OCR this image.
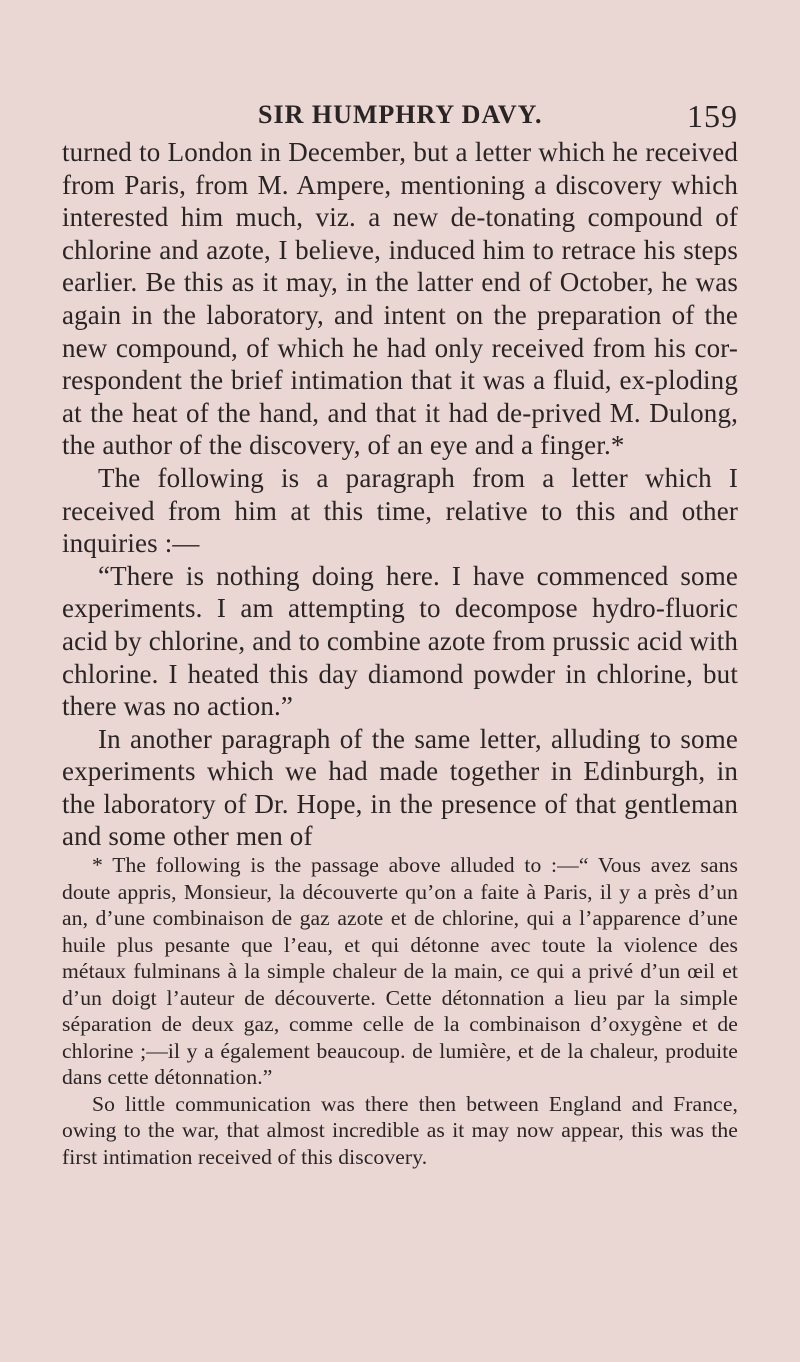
SIR HUMPHRY DAVY.	159

turned to London in December, but a letter which he received from Paris, from M. Ampere, mentioning a discovery which interested him much, viz. a new de-tonating compound of chlorine and azote, I believe, induced him to retrace his steps earlier. Be this as it may, in the latter end of October, he was again in the laboratory, and intent on the preparation of the new compound, of which he had only received from his cor-respondent the brief intimation that it was a fluid, ex-ploding at the heat of the hand, and that it had de-prived M. Dulong, the author of the discovery, of an eye and a finger.*

The following is a paragraph from a letter which I received from him at this time, relative to this and other inquiries :—

“There is nothing doing here. I have commenced some experiments. I am attempting to decompose hydro-fluoric acid by chlorine, and to combine azote from prussic acid with chlorine. I heated this day diamond powder in chlorine, but there was no action.”

In another paragraph of the same letter, alluding to some experiments which we had made together in Edinburgh, in the laboratory of Dr. Hope, in the presence of that gentleman and some other men of

* The following is the passage above alluded to :—“ Vous avez sans doute appris, Monsieur, la découverte qu’on a faite à Paris, il y a près d’un an, d’une combinaison de gaz azote et de chlorine, qui a l’apparence d’une huile plus pesante que l’eau, et qui détonne avec toute la violence des métaux fulminans à la simple chaleur de la main, ce qui a privé d’un œil et d’un doigt l’auteur de découverte. Cette détonnation a lieu par la simple séparation de deux gaz, comme celle de la combinaison d’oxygène et de chlorine ;—il y a également beaucoup. de lumière, et de la chaleur, produite dans cette détonnation.”

So little communication was there then between England and France, owing to the war, that almost incredible as it may now appear, this was the first intimation received of this discovery.
